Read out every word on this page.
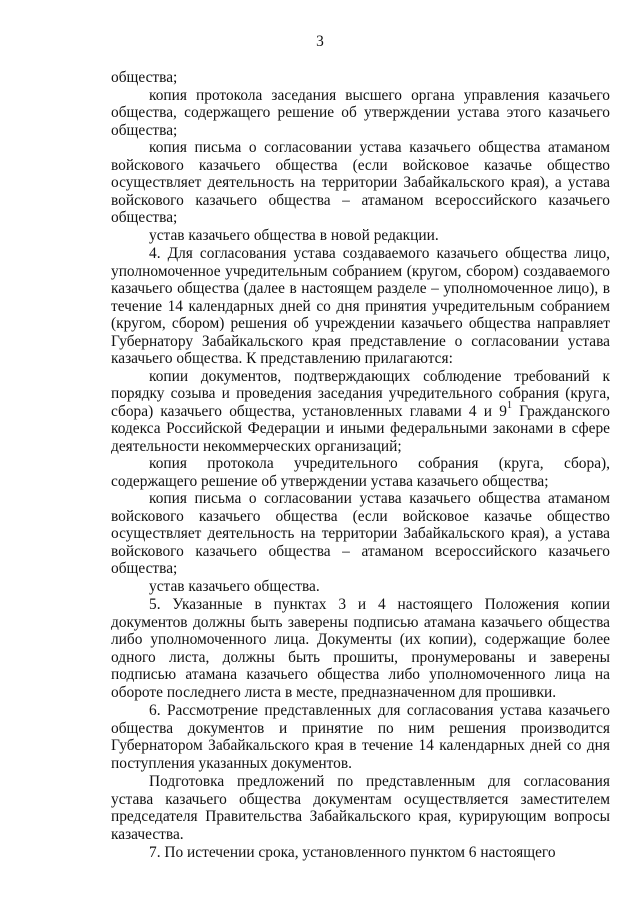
3

общества;

копия протокола заседания высшего органа управления казачьего общества, содержащего решение об утверждении устава этого казачьего общества;

копия письма о согласовании устава казачьего общества атаманом войскового казачьего общества (если войсковое казачье общество осуществляет деятельность на территории Забайкальского края), а устава войскового казачьего общества – атаманом всероссийского казачьего общества;

устав казачьего общества в новой редакции.

4. Для согласования устава создаваемого казачьего общества лицо, уполномоченное учредительным собранием (кругом, сбором) создаваемого казачьего общества (далее в настоящем разделе – уполномоченное лицо), в течение 14 календарных дней со дня принятия учредительным собранием (кругом, сбором) решения об учреждении казачьего общества направляет Губернатору Забайкальского края представление о согласовании устава казачьего общества. К представлению прилагаются:

копии документов, подтверждающих соблюдение требований к порядку созыва и проведения заседания учредительного собрания (круга, сбора) казачьего общества, установленных главами 4 и $9^1$ Гражданского кодекса Российской Федерации и иными федеральными законами в сфере деятельности некоммерческих организаций;

копия протокола учредительного собрания (круга, сбора), содержащего решение об утверждении устава казачьего общества;

копия письма о согласовании устава казачьего общества атаманом войскового казачьего общества (если войсковое казачье общество осуществляет деятельность на территории Забайкальского края), а устава войскового казачьего общества – атаманом всероссийского казачьего общества;

устав казачьего общества.

5. Указанные в пунктах 3 и 4 настоящего Положения копии документов должны быть заверены подписью атамана казачьего общества либо уполномоченного лица. Документы (их копии), содержащие более одного листа, должны быть прошиты, пронумерованы и заверены подписью атамана казачьего общества либо уполномоченного лица на обороте последнего листа в месте, предназначенном для прошивки.

6. Рассмотрение представленных для согласования устава казачьего общества документов и принятие по ним решения производится Губернатором Забайкальского края в течение 14 календарных дней со дня поступления указанных документов.

Подготовка предложений по представленным для согласования устава казачьего общества документам осуществляется заместителем председателя Правительства Забайкальского края, курирующим вопросы казачества.

7. По истечении срока, установленного пунктом 6 настоящего
